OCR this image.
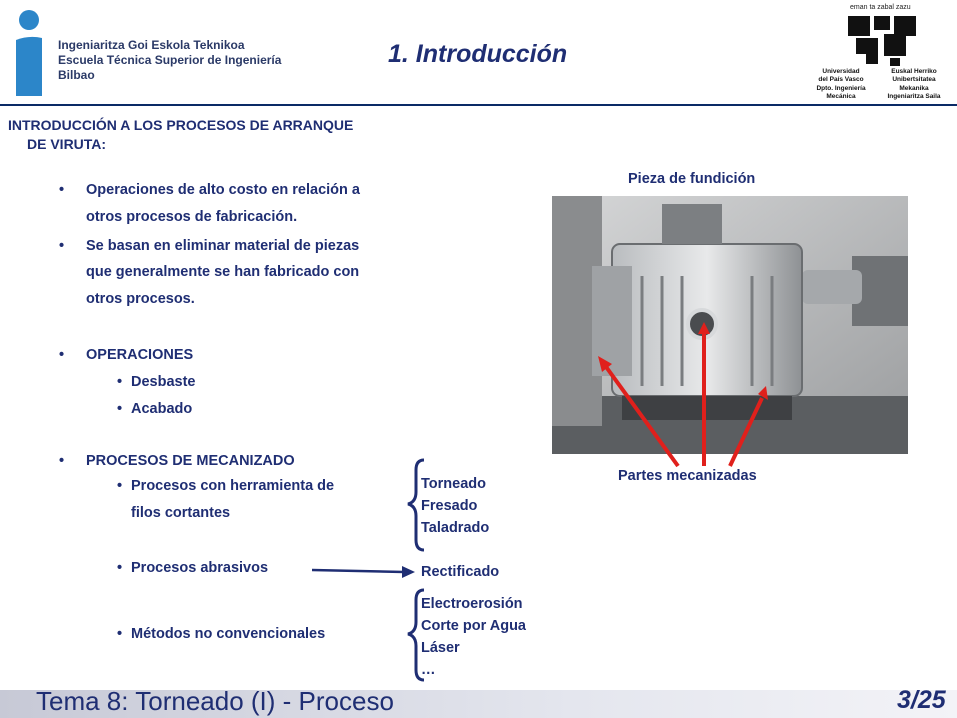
Ingeniaritza Goi Eskola Teknikoa
Escuela Técnica Superior de Ingeniería
Bilbao
1. Introducción
eman ta zabal zazu
Universidad
del País Vasco
Dpto. Ingeniería
Mecánica
Euskal Herriko
Unibertsitatea
Mekanika
Ingeniaritza Saila
INTRODUCCIÓN A LOS PROCESOS DE ARRANQUE
DE VIRUTA:
• Operaciones de alto costo en relación a
otros procesos de fabricación.
• Se basan en eliminar material de piezas
que generalmente se han fabricado con
otros procesos.
• OPERACIONES
• Desbaste
• Acabado
• PROCESOS DE MECANIZADO
• Procesos con herramienta de
filos cortantes
• Procesos abrasivos
• Métodos no convencionales
Torneado
Fresado
Taladrado
Rectificado
Electroerosión
Corte por Agua
Láser
…
Pieza de fundición
Partes mecanizadas
Tema 8: Torneado (I) - Proceso	3/25
